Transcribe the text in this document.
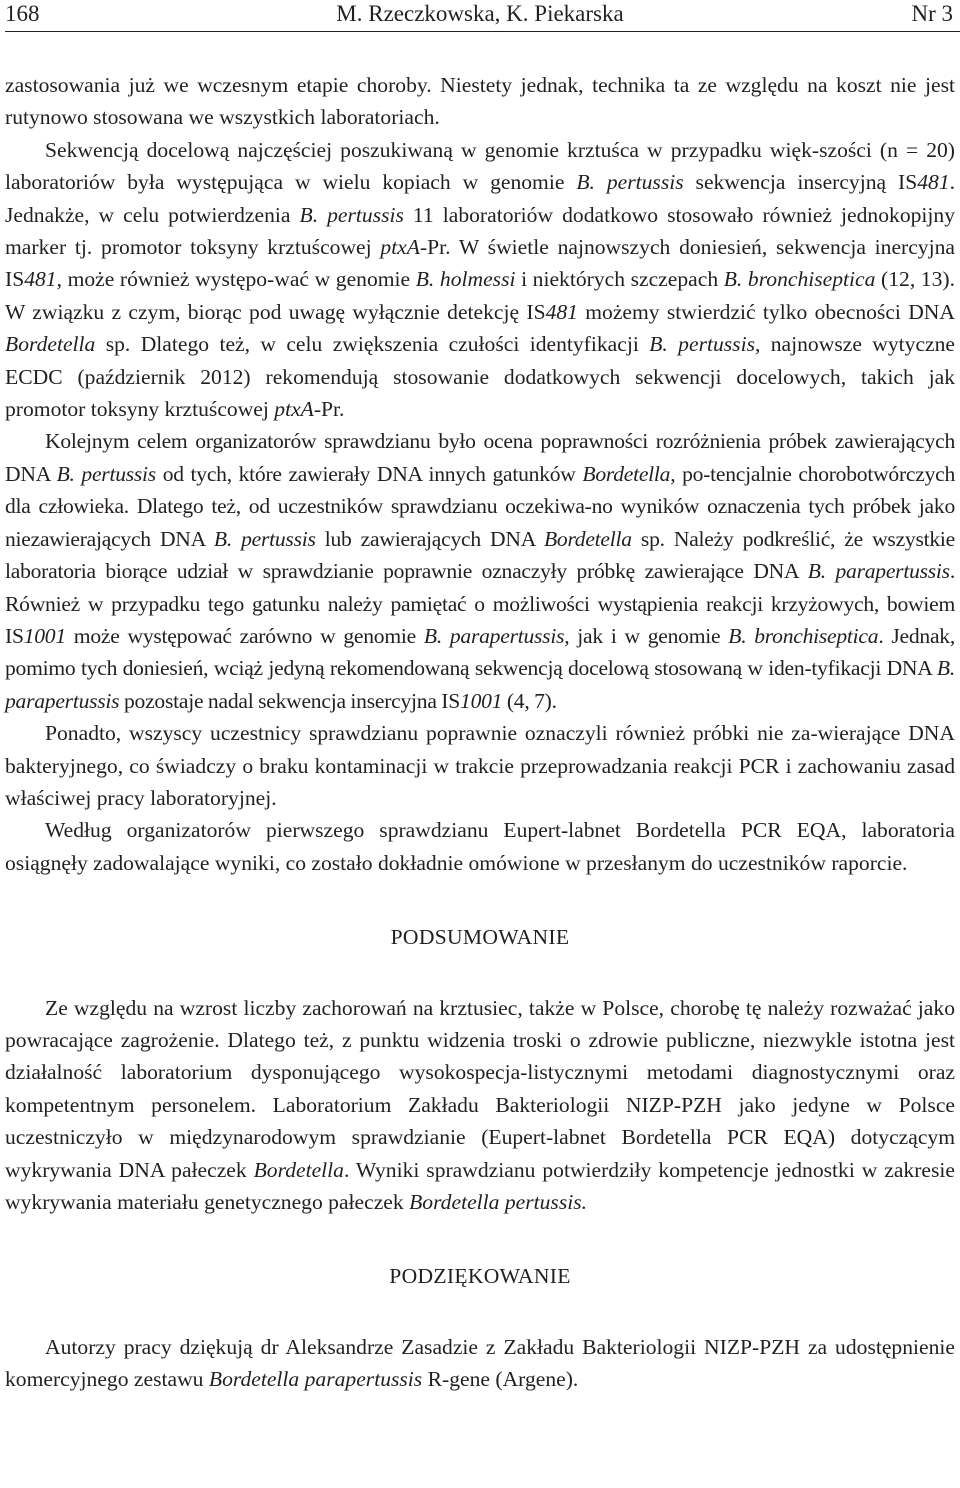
168	M. Rzeczkowska, K. Piekarska	Nr 3

zastosowania już we wczesnym etapie choroby. Niestety jednak, technika ta ze względu na koszt nie jest rutynowo stosowana we wszystkich laboratoriach.

Sekwencją docelową najczęściej poszukiwaną w genomie krztuśca w przypadku więk-szości (n = 20) laboratoriów była występująca w wielu kopiach w genomie B. pertussis sekwencja insercyjną IS481. Jednakże, w celu potwierdzenia B. pertussis 11 laboratoriów dodatkowo stosowało również jednokopijny marker tj. promotor toksyny krztuścowej ptxA-Pr. W świetle najnowszych doniesień, sekwencja inercyjna IS481, może również występo-wać w genomie B. holmessi i niektórych szczepach B. bronchiseptica (12, 13). W związku z czym, biorąc pod uwagę wyłącznie detekcję IS481 możemy stwierdzić tylko obecności DNA Bordetella sp. Dlatego też, w celu zwiększenia czułości identyfikacji B. pertussis, najnowsze wytyczne ECDC (październik 2012) rekomendują stosowanie dodatkowych sekwencji docelowych, takich jak promotor toksyny krztuścowej ptxA-Pr.

Kolejnym celem organizatorów sprawdzianu było ocena poprawności rozróżnienia próbek zawierających DNA B. pertussis od tych, które zawierały DNA innych gatunków Bordetella, po-tencjalnie chorobotwórczych dla człowieka. Dlatego też, od uczestników sprawdzianu oczekiwa-no wyników oznaczenia tych próbek jako niezawierających DNA B. pertussis lub zawierających DNA Bordetella sp. Należy podkreślić, że wszystkie laboratoria biorące udział w sprawdzianie poprawnie oznaczyły próbkę zawierające DNA B. parapertussis. Również w przypadku tego gatunku należy pamiętać o możliwości wystąpienia reakcji krzyżowych, bowiem IS1001 może występować zarówno w genomie B. parapertussis, jak i w genomie B. bronchiseptica. Jednak, pomimo tych doniesień, wciąż jedyną rekomendowaną sekwencją docelową stosowaną w iden-tyfikacji DNA B. parapertussis pozostaje nadal sekwencja insercyjna IS1001 (4, 7).

Ponadto, wszyscy uczestnicy sprawdzianu poprawnie oznaczyli również próbki nie za-wierające DNA bakteryjnego, co świadczy o braku kontaminacji w trakcie przeprowadzania reakcji PCR i zachowaniu zasad właściwej pracy laboratoryjnej.

Według organizatorów pierwszego sprawdzianu Eupert-labnet Bordetella PCR EQA, laboratoria osiągnęły zadowalające wyniki, co zostało dokładnie omówione w przesłanym do uczestników raporcie.

PODSUMOWANIE

Ze względu na wzrost liczby zachorowań na krztusiec, także w Polsce, chorobę tę należy rozważać jako powracające zagrożenie. Dlatego też, z punktu widzenia troski o zdrowie publiczne, niezwykle istotna jest działalność laboratorium dysponującego wysokospecja-listycznymi metodami diagnostycznymi oraz kompetentnym personelem. Laboratorium Zakładu Bakteriologii NIZP-PZH jako jedyne w Polsce uczestniczyło w międzynarodowym sprawdzianie (Eupert-labnet Bordetella PCR EQA) dotyczącym wykrywania DNA pałeczek Bordetella. Wyniki sprawdzianu potwierdziły kompetencje jednostki w zakresie wykrywania materiału genetycznego pałeczek Bordetella pertussis.

PODZIĘKOWANIE

Autorzy pracy dziękują dr Aleksandrze Zasadzie z Zakładu Bakteriologii NIZP-PZH za udostępnienie komercyjnego zestawu Bordetella parapertussis R-gene (Argene).
